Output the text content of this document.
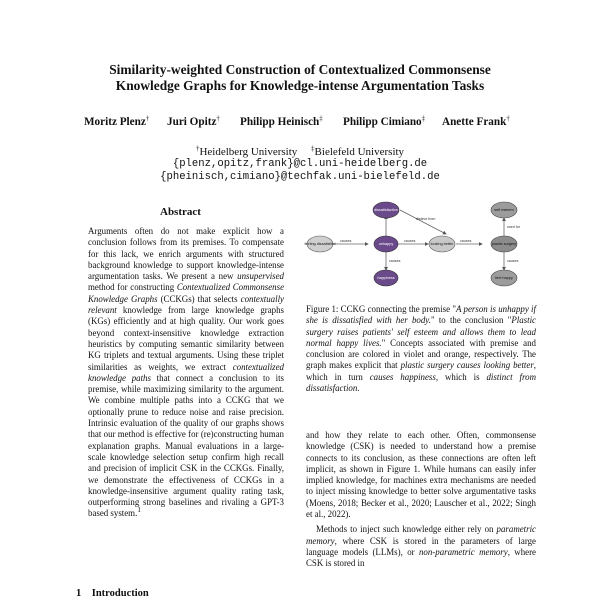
Similarity-weighted Construction of Contextualized Commonsense
Knowledge Graphs for Knowledge-intense Argumentation Tasks
Moritz Plenz† Juri Opitz† Philipp Heinisch‡ Philipp Cimiano‡ Anette Frank†
†Heidelberg University ‡Bielefeld University
{plenz,opitz,frank}@cl.uni-heidelberg.de
{pheinisch,cimiano}@techfak.uni-bielefeld.de
Abstract
Arguments often do not make explicit how a conclusion follows from its premises. To compensate for this lack, we enrich arguments with structured background knowledge to support knowledge-intense argumentation tasks. We present a new unsupervised method for constructing Contextualized Commonsense Knowledge Graphs (CCKGs) that selects contextually relevant knowledge from large knowledge graphs (KGs) efficiently and at high quality. Our work goes beyond context-insensitive knowledge extraction heuristics by computing semantic similarity between KG triplets and textual arguments. Using these triplet similarities as weights, we extract contextualized knowledge paths that connect a conclusion to its premise, while maximizing similarity to the argument. We combine multiple paths into a CCKG that we optionally prune to reduce noise and raise precision. Intrinsic evaluation of the quality of our graphs shows that our method is effective for (re)constructing human explanation graphs. Manual evaluations in a large-scale knowledge selection setup confirm high recall and precision of implicit CSK in the CCKGs. Finally, we demonstrate the effectiveness of CCKGs in a knowledge-insensitive argument quality rating task, outperforming strong baselines and rivaling a GPT-3 based system.$^1$
causes	causes
distinct from
causes
used for
causes
causes
feeling dissatisfied
dissatisfaction
unhappy
happiness
looking better	plastic surgery
self esteem
feel happy
Figure 1: CCKG connecting the premise "A person is unhappy if she is dissatisfied with her body." to the conclusion "Plastic surgery raises patients' self esteem and allows them to lead normal happy lives." Concepts associated with premise and conclusion are colored in violet and orange, respectively. The graph makes explicit that plastic surgery causes looking better, which in turn causes happiness, which is distinct from dissatisfaction.

and how they relate to each other. Often, commonsense knowledge (CSK) is needed to understand how a premise connects to its conclusion, as these connections are often left implicit, as shown in Figure 1. While humans can easily infer implied knowledge, for machines extra mechanisms are needed to inject missing knowledge to better solve argumentative tasks (Moens, 2018; Becker et al., 2020; Lauscher et al., 2022; Singh et al., 2022).

Methods to inject such knowledge either rely on parametric memory, where CSK is stored in the parameters of large language models (LLMs), or non-parametric memory, where CSK is stored in

1 Introduction
